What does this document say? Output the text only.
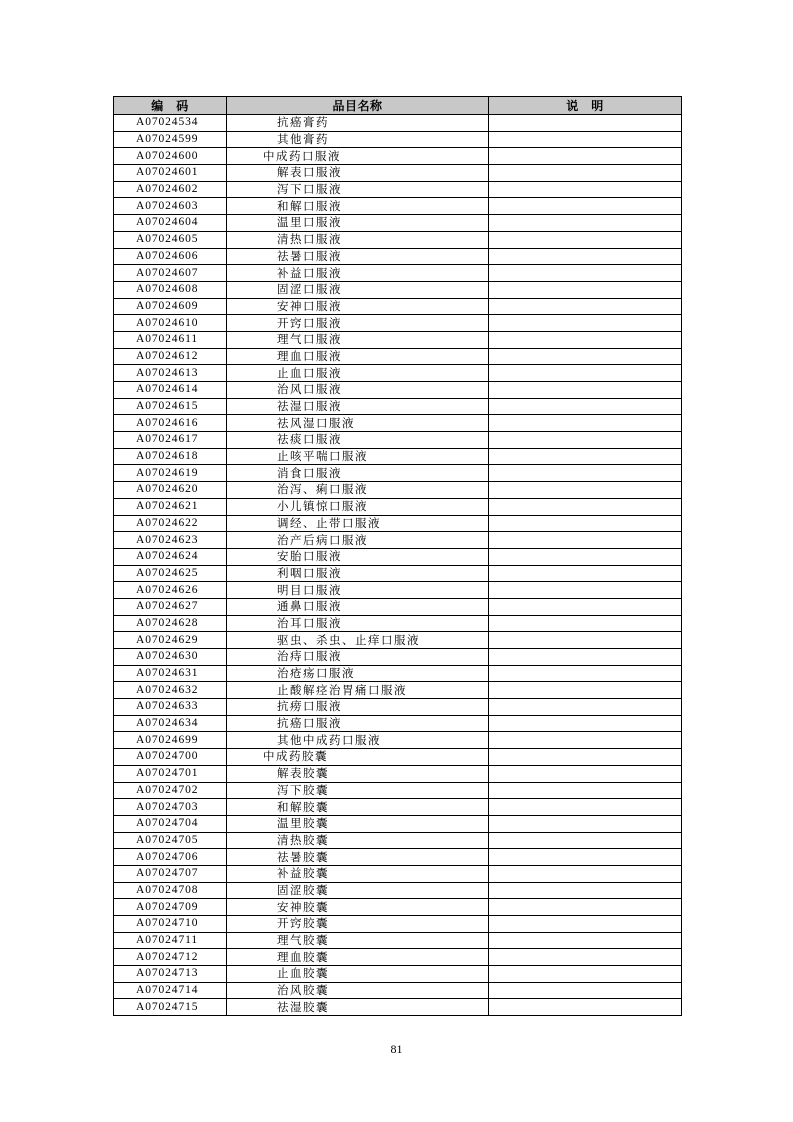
编　码	品目名称	说　明
A07024534	抗癌膏药	
A07024599	其他膏药	
A07024600	中成药口服液	
A07024601	解表口服液	
A07024602	泻下口服液	
A07024603	和解口服液	
A07024604	温里口服液	
A07024605	清热口服液	
A07024606	祛暑口服液	
A07024607	补益口服液	
A07024608	固涩口服液	
A07024609	安神口服液	
A07024610	开窍口服液	
A07024611	理气口服液	
A07024612	理血口服液	
A07024613	止血口服液	
A07024614	治风口服液	
A07024615	祛湿口服液	
A07024616	祛风湿口服液	
A07024617	祛痰口服液	
A07024618	止咳平喘口服液	
A07024619	消食口服液	
A07024620	治泻、痢口服液	
A07024621	小儿镇惊口服液	
A07024622	调经、止带口服液	
A07024623	治产后病口服液	
A07024624	安胎口服液	
A07024625	利咽口服液	
A07024626	明目口服液	
A07024627	通鼻口服液	
A07024628	治耳口服液	
A07024629	驱虫、杀虫、止痒口服液	
A07024630	治痔口服液	
A07024631	治疮疡口服液	
A07024632	止酸解痉治胃痛口服液	
A07024633	抗痨口服液	
A07024634	抗癌口服液	
A07024699	其他中成药口服液	
A07024700	中成药胶囊	
A07024701	解表胶囊	
A07024702	泻下胶囊	
A07024703	和解胶囊	
A07024704	温里胶囊	
A07024705	清热胶囊	
A07024706	祛暑胶囊	
A07024707	补益胶囊	
A07024708	固涩胶囊	
A07024709	安神胶囊	
A07024710	开窍胶囊	
A07024711	理气胶囊	
A07024712	理血胶囊	
A07024713	止血胶囊	
A07024714	治风胶囊	
A07024715	祛湿胶囊	
81
